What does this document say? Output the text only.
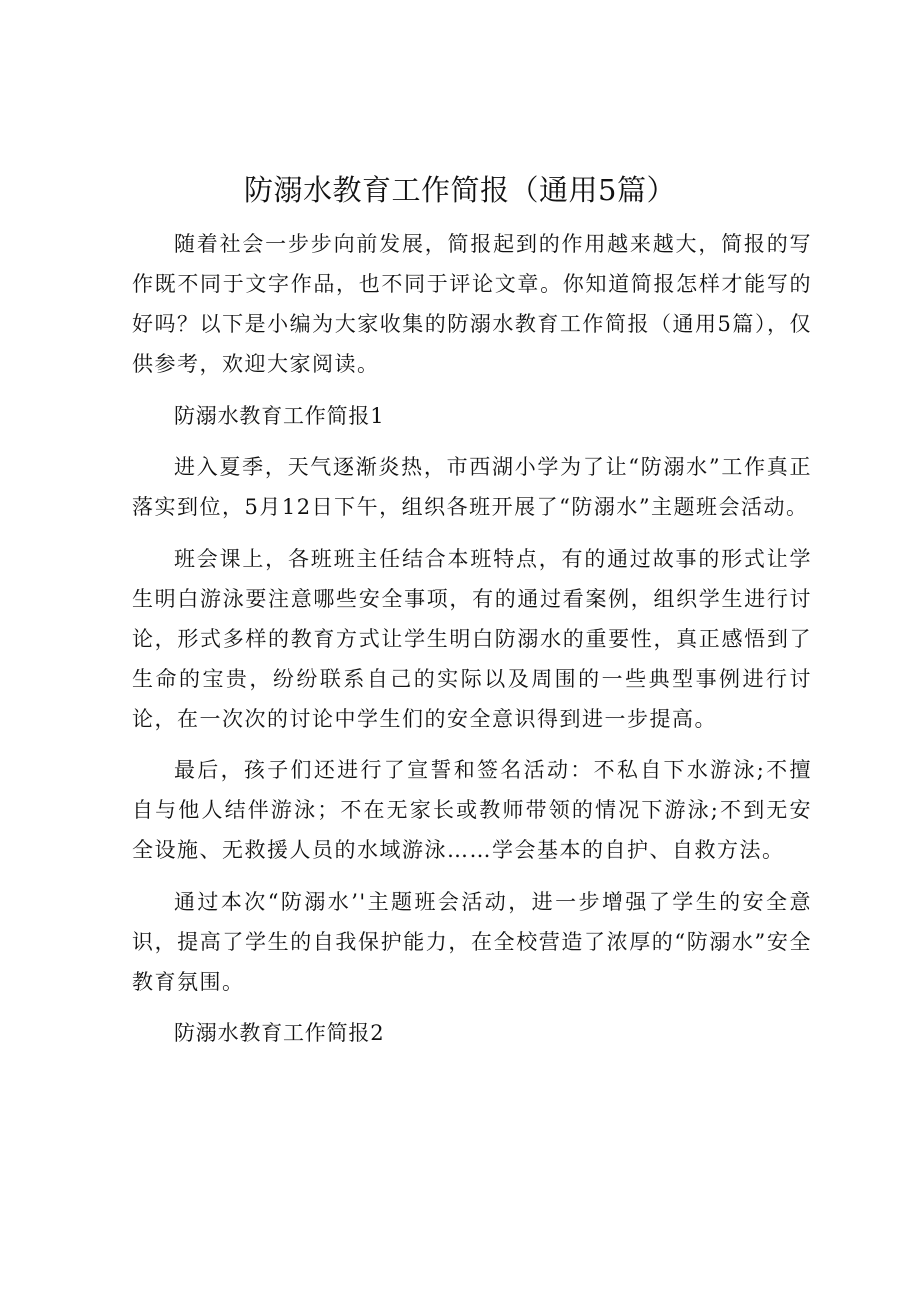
防溺水教育工作简报（通用5篇）

随着社会一步步向前发展，简报起到的作用越来越大，简报的写作既不同于文字作品，也不同于评论文章。你知道简报怎样才能写的好吗？以下是小编为大家收集的防溺水教育工作简报（通用5篇），仅供参考，欢迎大家阅读。

防溺水教育工作简报1

进入夏季，天气逐渐炎热，市西湖小学为了让“防溺水”工作真正落实到位，5月12日下午，组织各班开展了“防溺水”主题班会活动。

班会课上，各班班主任结合本班特点，有的通过故事的形式让学生明白游泳要注意哪些安全事项，有的通过看案例，组织学生进行讨论，形式多样的教育方式让学生明白防溺水的重要性，真正感悟到了生命的宝贵，纷纷联系自己的实际以及周围的一些典型事例进行讨论，在一次次的讨论中学生们的安全意识得到进一步提高。

最后，孩子们还进行了宣誓和签名活动：不私自下水游泳;不擅自与他人结伴游泳；不在无家长或教师带领的情况下游泳;不到无安全设施、无救援人员的水域游泳……学会基本的自护、自救方法。

通过本次“防溺水’'主题班会活动，进一步增强了学生的安全意识，提高了学生的自我保护能力，在全校营造了浓厚的“防溺水”安全教育氛围。

防溺水教育工作简报2
